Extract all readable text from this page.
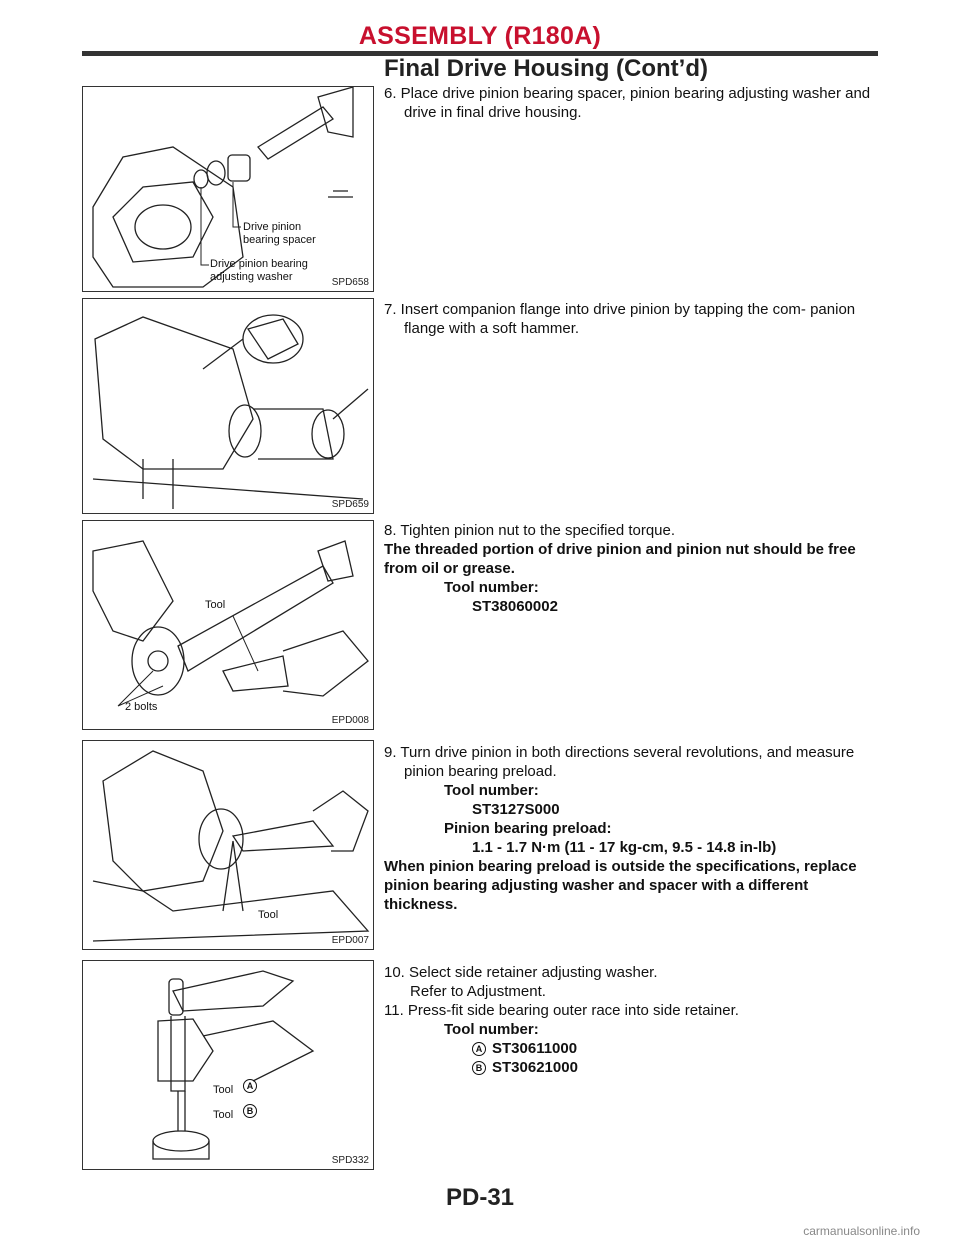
ASSEMBLY (R180A)
Final Drive Housing (Cont’d)
Drive pinion
bearing spacer
Drive pinion bearing
adjusting washer	SPD658
SPD659
Tool
2 bolts
EPD008
Tool
EPD007
Tool	A
Tool	B
SPD332

6. Place drive pinion bearing spacer, pinion bearing adjusting washer and drive in final drive housing.

7. Insert companion flange into drive pinion by tapping the com- panion flange with a soft hammer.

8. Tighten pinion nut to the specified torque.

The threaded portion of drive pinion and pinion nut should be free from oil or grease.

Tool number:

ST38060002

9. Turn drive pinion in both directions several revolutions, and measure pinion bearing preload.

Tool number:

ST3127S000

Pinion bearing preload:

1.1 - 1.7 N·m (11 - 17 kg-cm, 9.5 - 14.8 in-lb)

When pinion bearing preload is outside the specifications, replace pinion bearing adjusting washer and spacer with a different thickness.

10. Select side retainer adjusting washer.

Refer to Adjustment.

11. Press-fit side bearing outer race into side retainer.

Tool number:

A ST30611000

B ST30621000

PD-31
carmanualsonline.info
